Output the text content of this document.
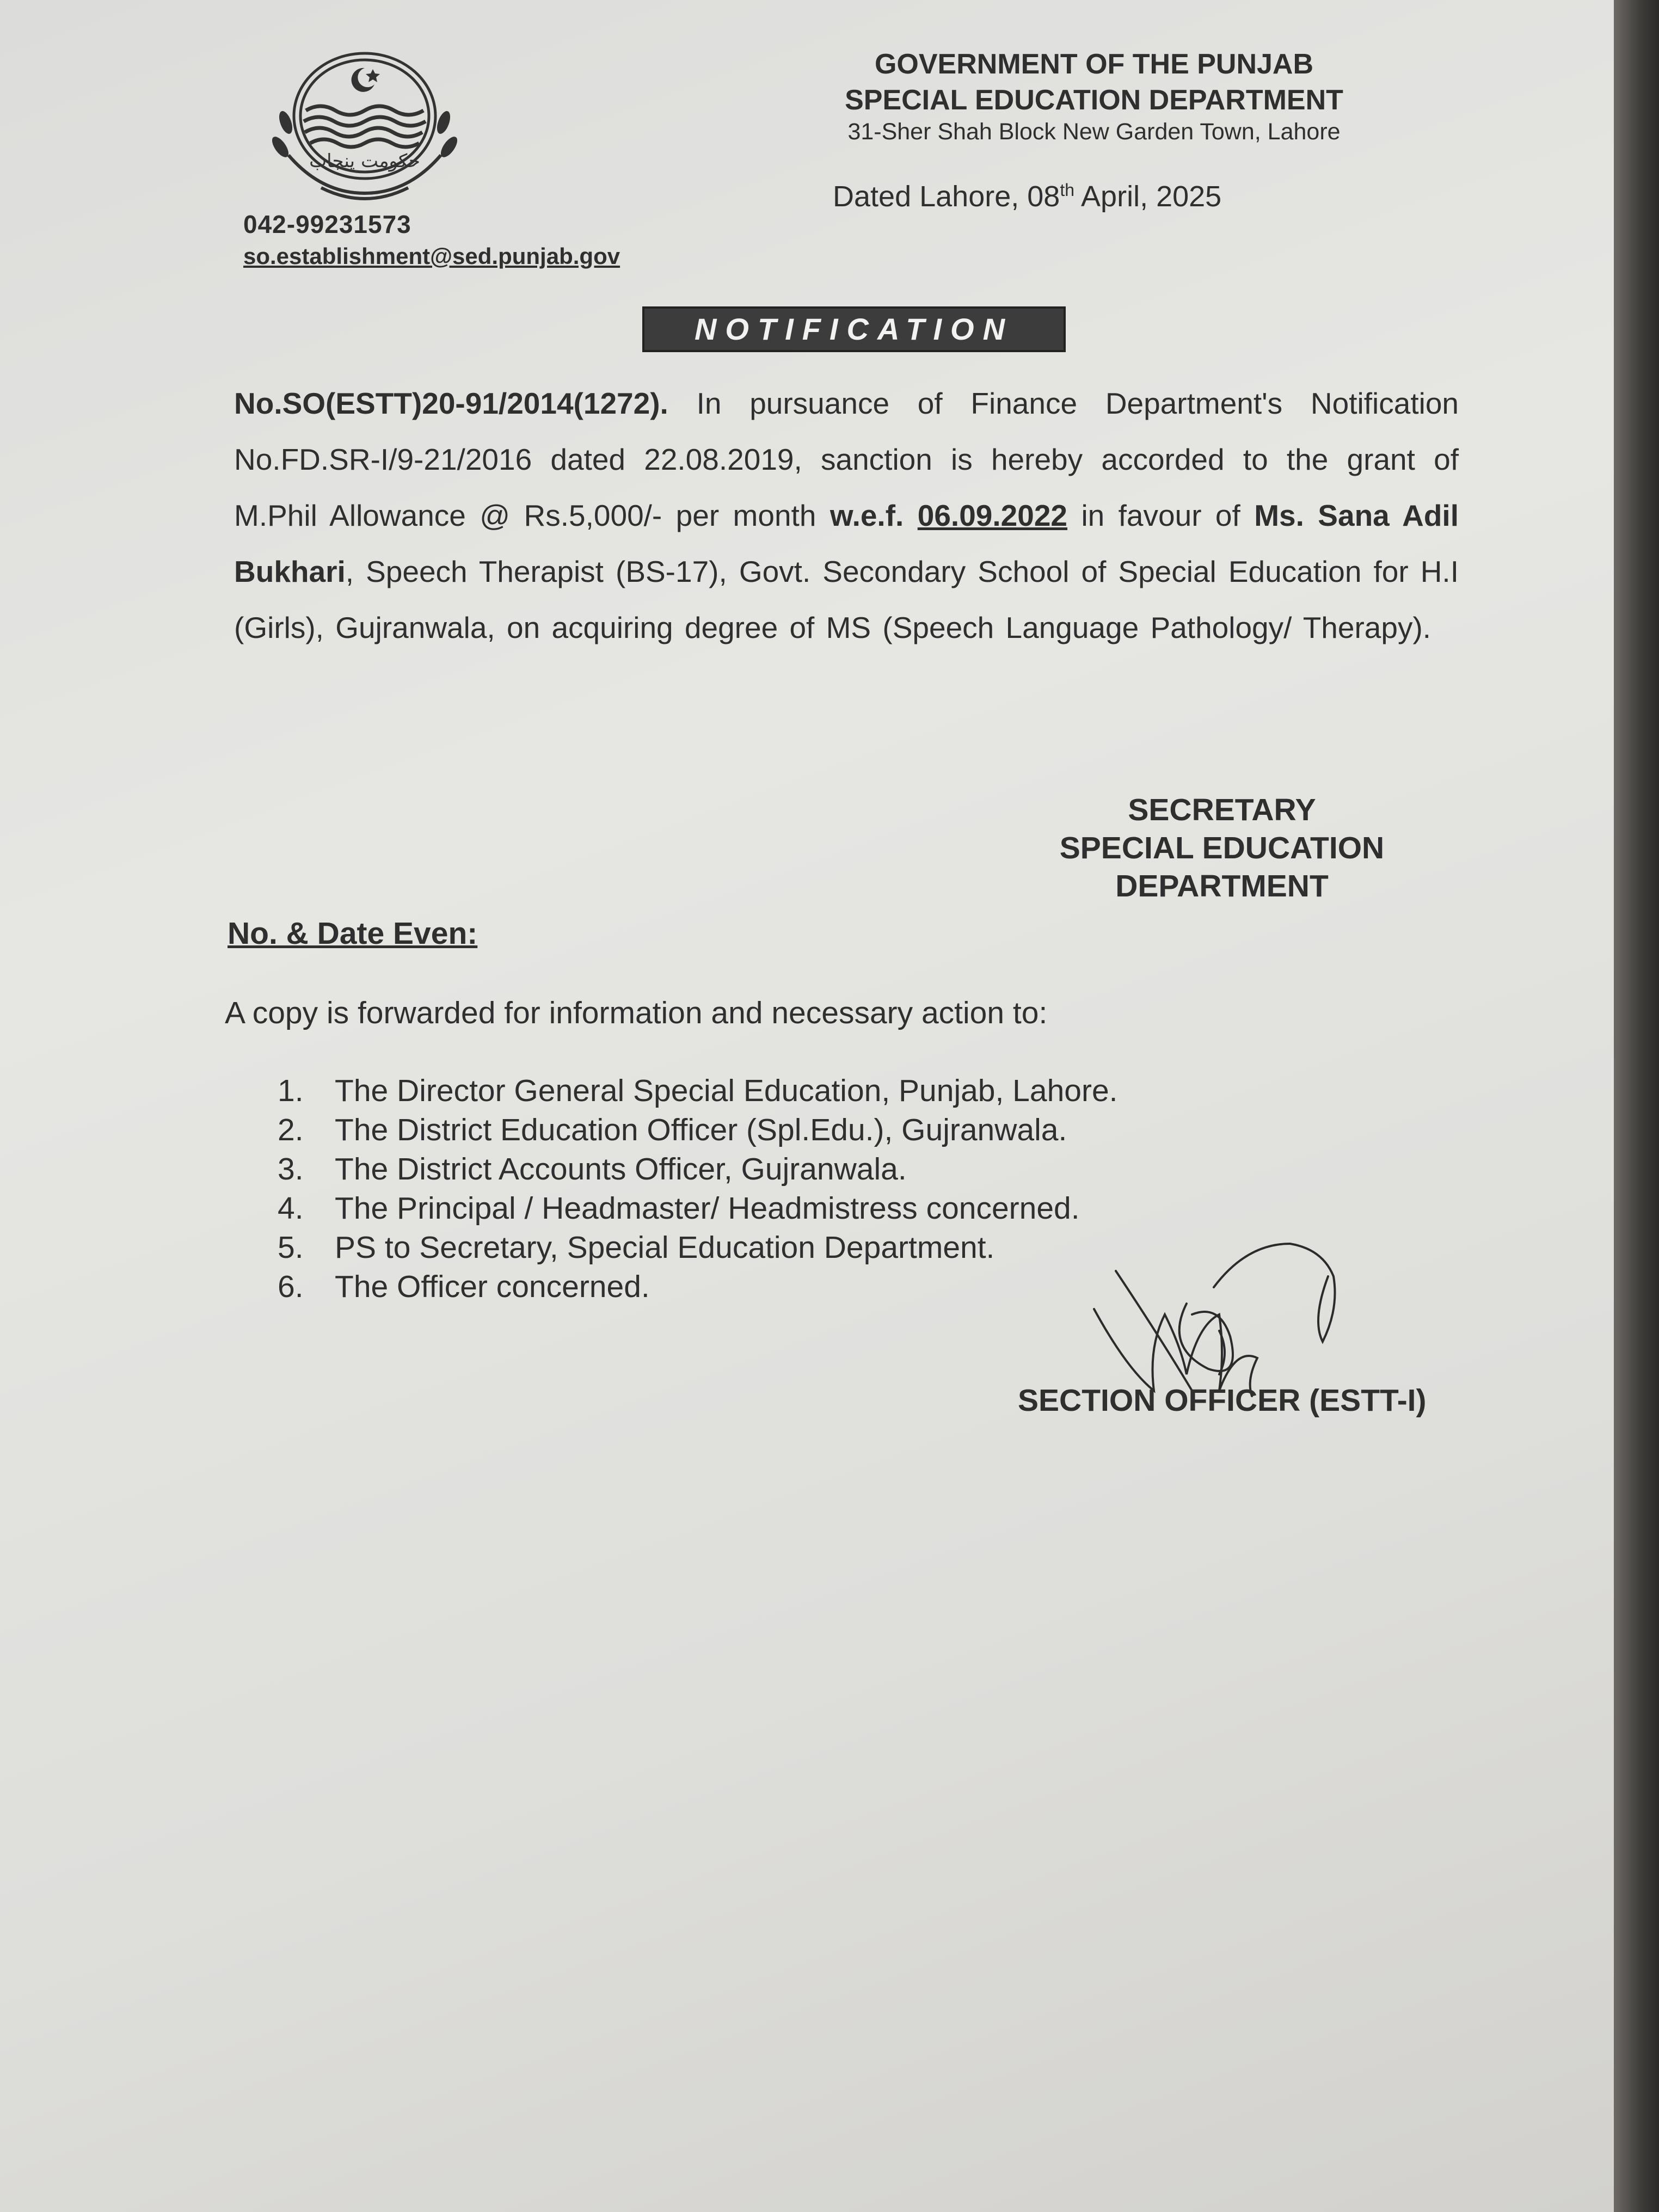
حکومت پنجاب
042-99231573
so.establishment@sed.punjab.gov
GOVERNMENT OF THE PUNJAB
SPECIAL EDUCATION DEPARTMENT
31-Sher Shah Block New Garden Town, Lahore
Dated Lahore, 08th April, 2025
NOTIFICATION
No.SO(ESTT)20-91/2014(1272). In pursuance of Finance Department's Notification No.FD.SR-I/9-21/2016 dated 22.08.2019, sanction is hereby accorded to the grant of M.Phil Allowance @ Rs.5,000/- per month w.e.f. 06.09.2022 in favour of Ms. Sana Adil Bukhari, Speech Therapist (BS-17), Govt. Secondary School of Special Education for H.I (Girls), Gujranwala, on acquiring degree of MS (Speech Language Pathology/ Therapy).
SECRETARY
SPECIAL EDUCATION
DEPARTMENT
No. & Date Even:
A copy is forwarded for information and necessary action to:
1.	The Director General Special Education, Punjab, Lahore.
2.	The District Education Officer (Spl.Edu.), Gujranwala.
3.	The District Accounts Officer, Gujranwala.
4.	The Principal / Headmaster/ Headmistress concerned.
5.	PS to Secretary, Special Education Department.
6.	The Officer concerned.
SECTION OFFICER (ESTT-I)
